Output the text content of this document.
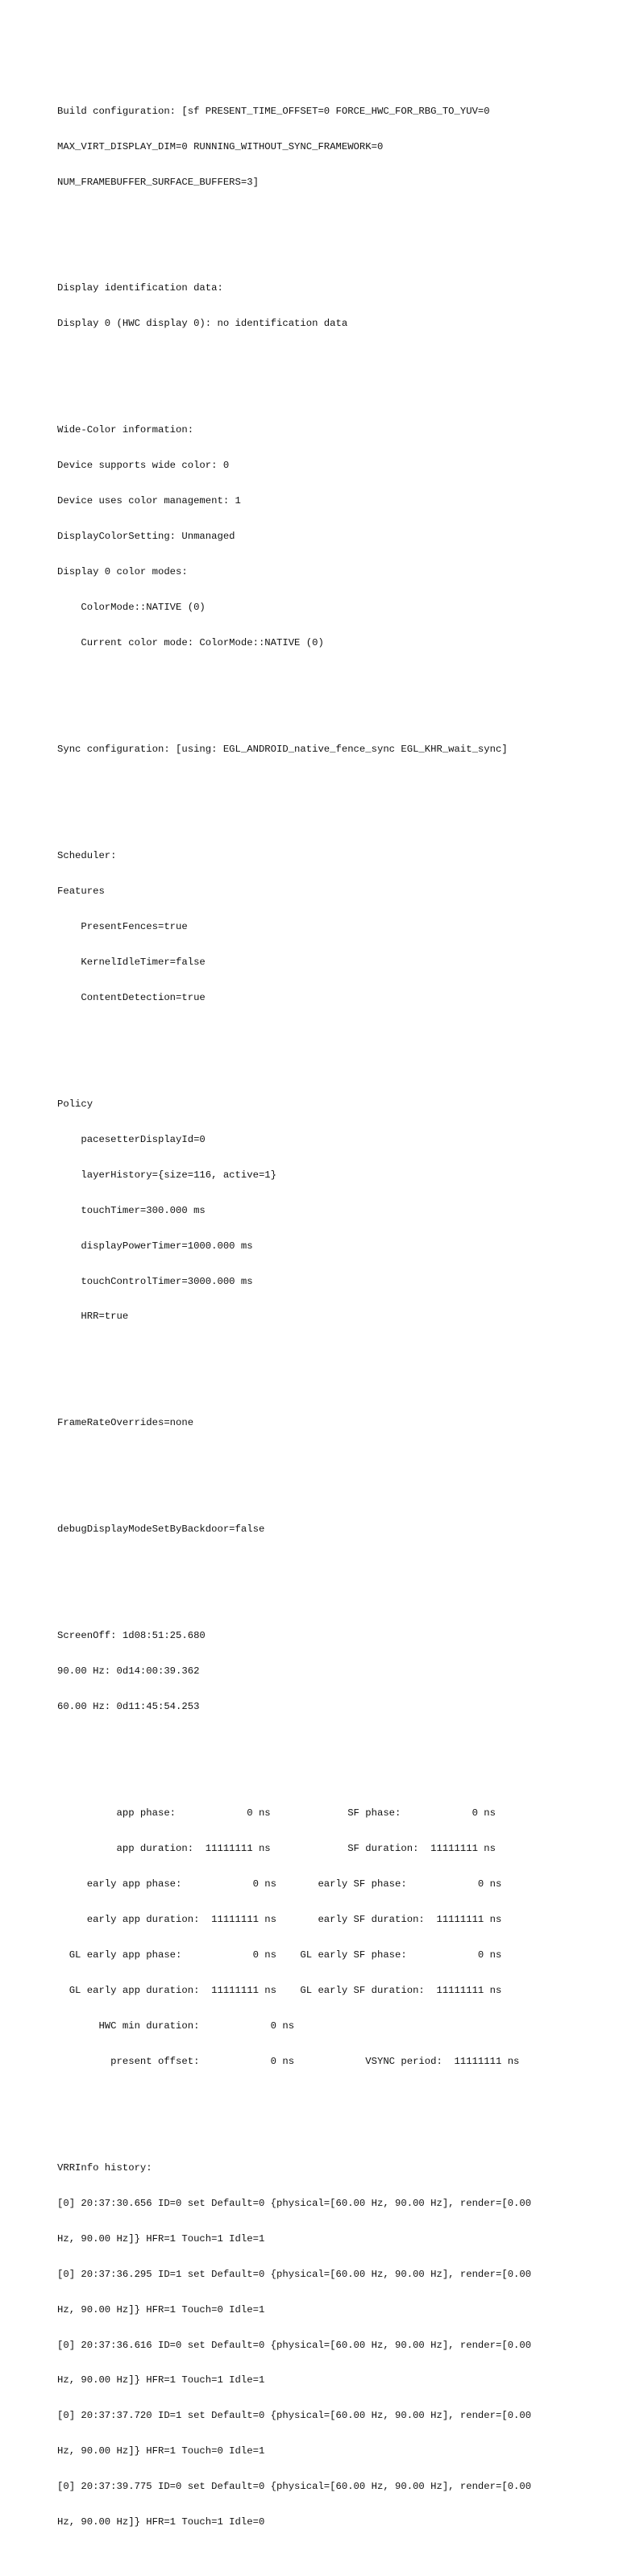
Build configuration: [sf PRESENT_TIME_OFFSET=0 FORCE_HWC_FOR_RBG_TO_YUV=0

MAX_VIRT_DISPLAY_DIM=0 RUNNING_WITHOUT_SYNC_FRAMEWORK=0

NUM_FRAMEBUFFER_SURFACE_BUFFERS=3]

Display identification data:

Display 0 (HWC display 0): no identification data

Wide-Color information:

Device supports wide color: 0

Device uses color management: 1

DisplayColorSetting: Unmanaged

Display 0 color modes:

ColorMode::NATIVE (0)

Current color mode: ColorMode::NATIVE (0)

Sync configuration: [using: EGL_ANDROID_native_fence_sync EGL_KHR_wait_sync]

Scheduler:

Features

PresentFences=true

KernelIdleTimer=false

ContentDetection=true

Policy

pacesetterDisplayId=0

layerHistory={size=116, active=1}

touchTimer=300.000 ms

displayPowerTimer=1000.000 ms

touchControlTimer=3000.000 ms

HRR=true

FrameRateOverrides=none

debugDisplayModeSetByBackdoor=false

ScreenOff: 1d08:51:25.680

90.00 Hz: 0d14:00:39.362

60.00 Hz: 0d11:45:54.253

app phase:            0 ns             SF phase:            0 ns

app duration:  11111111 ns             SF duration:  11111111 ns

early app phase:            0 ns       early SF phase:            0 ns

early app duration:  11111111 ns       early SF duration:  11111111 ns

GL early app phase:            0 ns    GL early SF phase:            0 ns

GL early app duration:  11111111 ns    GL early SF duration:  11111111 ns

HWC min duration:            0 ns

present offset:            0 ns            VSYNC period:  11111111 ns

VRRInfo history:

[0] 20:37:30.656 ID=0 set Default=0 {physical=[60.00 Hz, 90.00 Hz], render=[0.00

Hz, 90.00 Hz]} HFR=1 Touch=1 Idle=1

[0] 20:37:36.295 ID=1 set Default=0 {physical=[60.00 Hz, 90.00 Hz], render=[0.00

Hz, 90.00 Hz]} HFR=1 Touch=0 Idle=1

[0] 20:37:36.616 ID=0 set Default=0 {physical=[60.00 Hz, 90.00 Hz], render=[0.00

Hz, 90.00 Hz]} HFR=1 Touch=1 Idle=1

[0] 20:37:37.720 ID=1 set Default=0 {physical=[60.00 Hz, 90.00 Hz], render=[0.00

Hz, 90.00 Hz]} HFR=1 Touch=0 Idle=1

[0] 20:37:39.775 ID=0 set Default=0 {physical=[60.00 Hz, 90.00 Hz], render=[0.00

Hz, 90.00 Hz]} HFR=1 Touch=1 Idle=0
